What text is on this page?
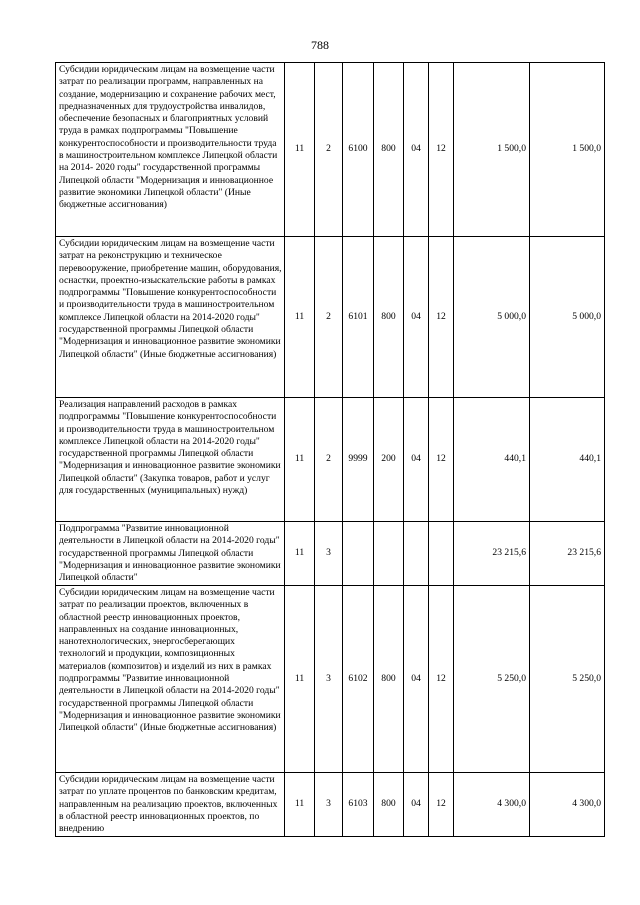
788
Субсидии юридическим лицам на возмещение части затрат по реализации программ, направленных на создание, модернизацию и сохранение рабочих мест, предназначенных для трудоустройства инвалидов, обеспечение безопасных и благоприятных условий труда в рамках подпрограммы "Повышение конкурентоспособности и производительности труда в машиностроительном комплексе Липецкой области на 2014- 2020 годы" государственной программы Липецкой области "Модернизация и инновационное развитие экономики Липецкой области" (Иные бюджетные ассигнования)	11	2	6100	800	04	12	1 500,0	1 500,0

Субсидии юридическим лицам на возмещение части затрат на реконструкцию и техническое перевооружение, приобретение машин, оборудования, оснастки, проектно-изыскательские работы в рамках подпрограммы "Повышение конкурентоспособности и производительности труда в машиностроительном комплексе Липецкой области на 2014-2020 годы" государственной программы Липецкой области "Модернизация и инновационное развитие экономики Липецкой области" (Иные бюджетные ассигнования)	11	2	6101	800	04	12	5 000,0	5 000,0

Реализация направлений расходов в рамках подпрограммы "Повышение конкурентоспособности и производительности труда в машиностроительном комплексе Липецкой области на 2014-2020 годы" государственной программы Липецкой области "Модернизация и инновационное развитие экономики Липецкой области" (Закупка товаров, работ и услуг для государственных (муниципальных) нужд)	11	2	9999	200	04	12	440,1	440,1

Подпрограмма "Развитие инновационной деятельности в Липецкой области на 2014-2020 годы" государственной программы Липецкой области "Модернизация и инновационное развитие экономики Липецкой области"	11	3					23 215,6	23 215,6

Субсидии юридическим лицам на возмещение части затрат по реализации проектов, включенных в областной реестр инновационных проектов, направленных на создание инновационных, нанотехнологических, энергосберегающих технологий и продукции, композиционных материалов (композитов) и изделий из них в рамках подпрограммы "Развитие инновационной деятельности в Липецкой области на 2014-2020 годы" государственной программы Липецкой области "Модернизация и инновационное развитие экономики Липецкой области" (Иные бюджетные ассигнования)	11	3	6102	800	04	12	5 250,0	5 250,0

Субсидии юридическим лицам на возмещение части затрат по уплате процентов по банковским кредитам, направленным на реализацию проектов, включенных в областной реестр инновационных проектов, по внедрению	11	3	6103	800	04	12	4 300,0	4 300,0
